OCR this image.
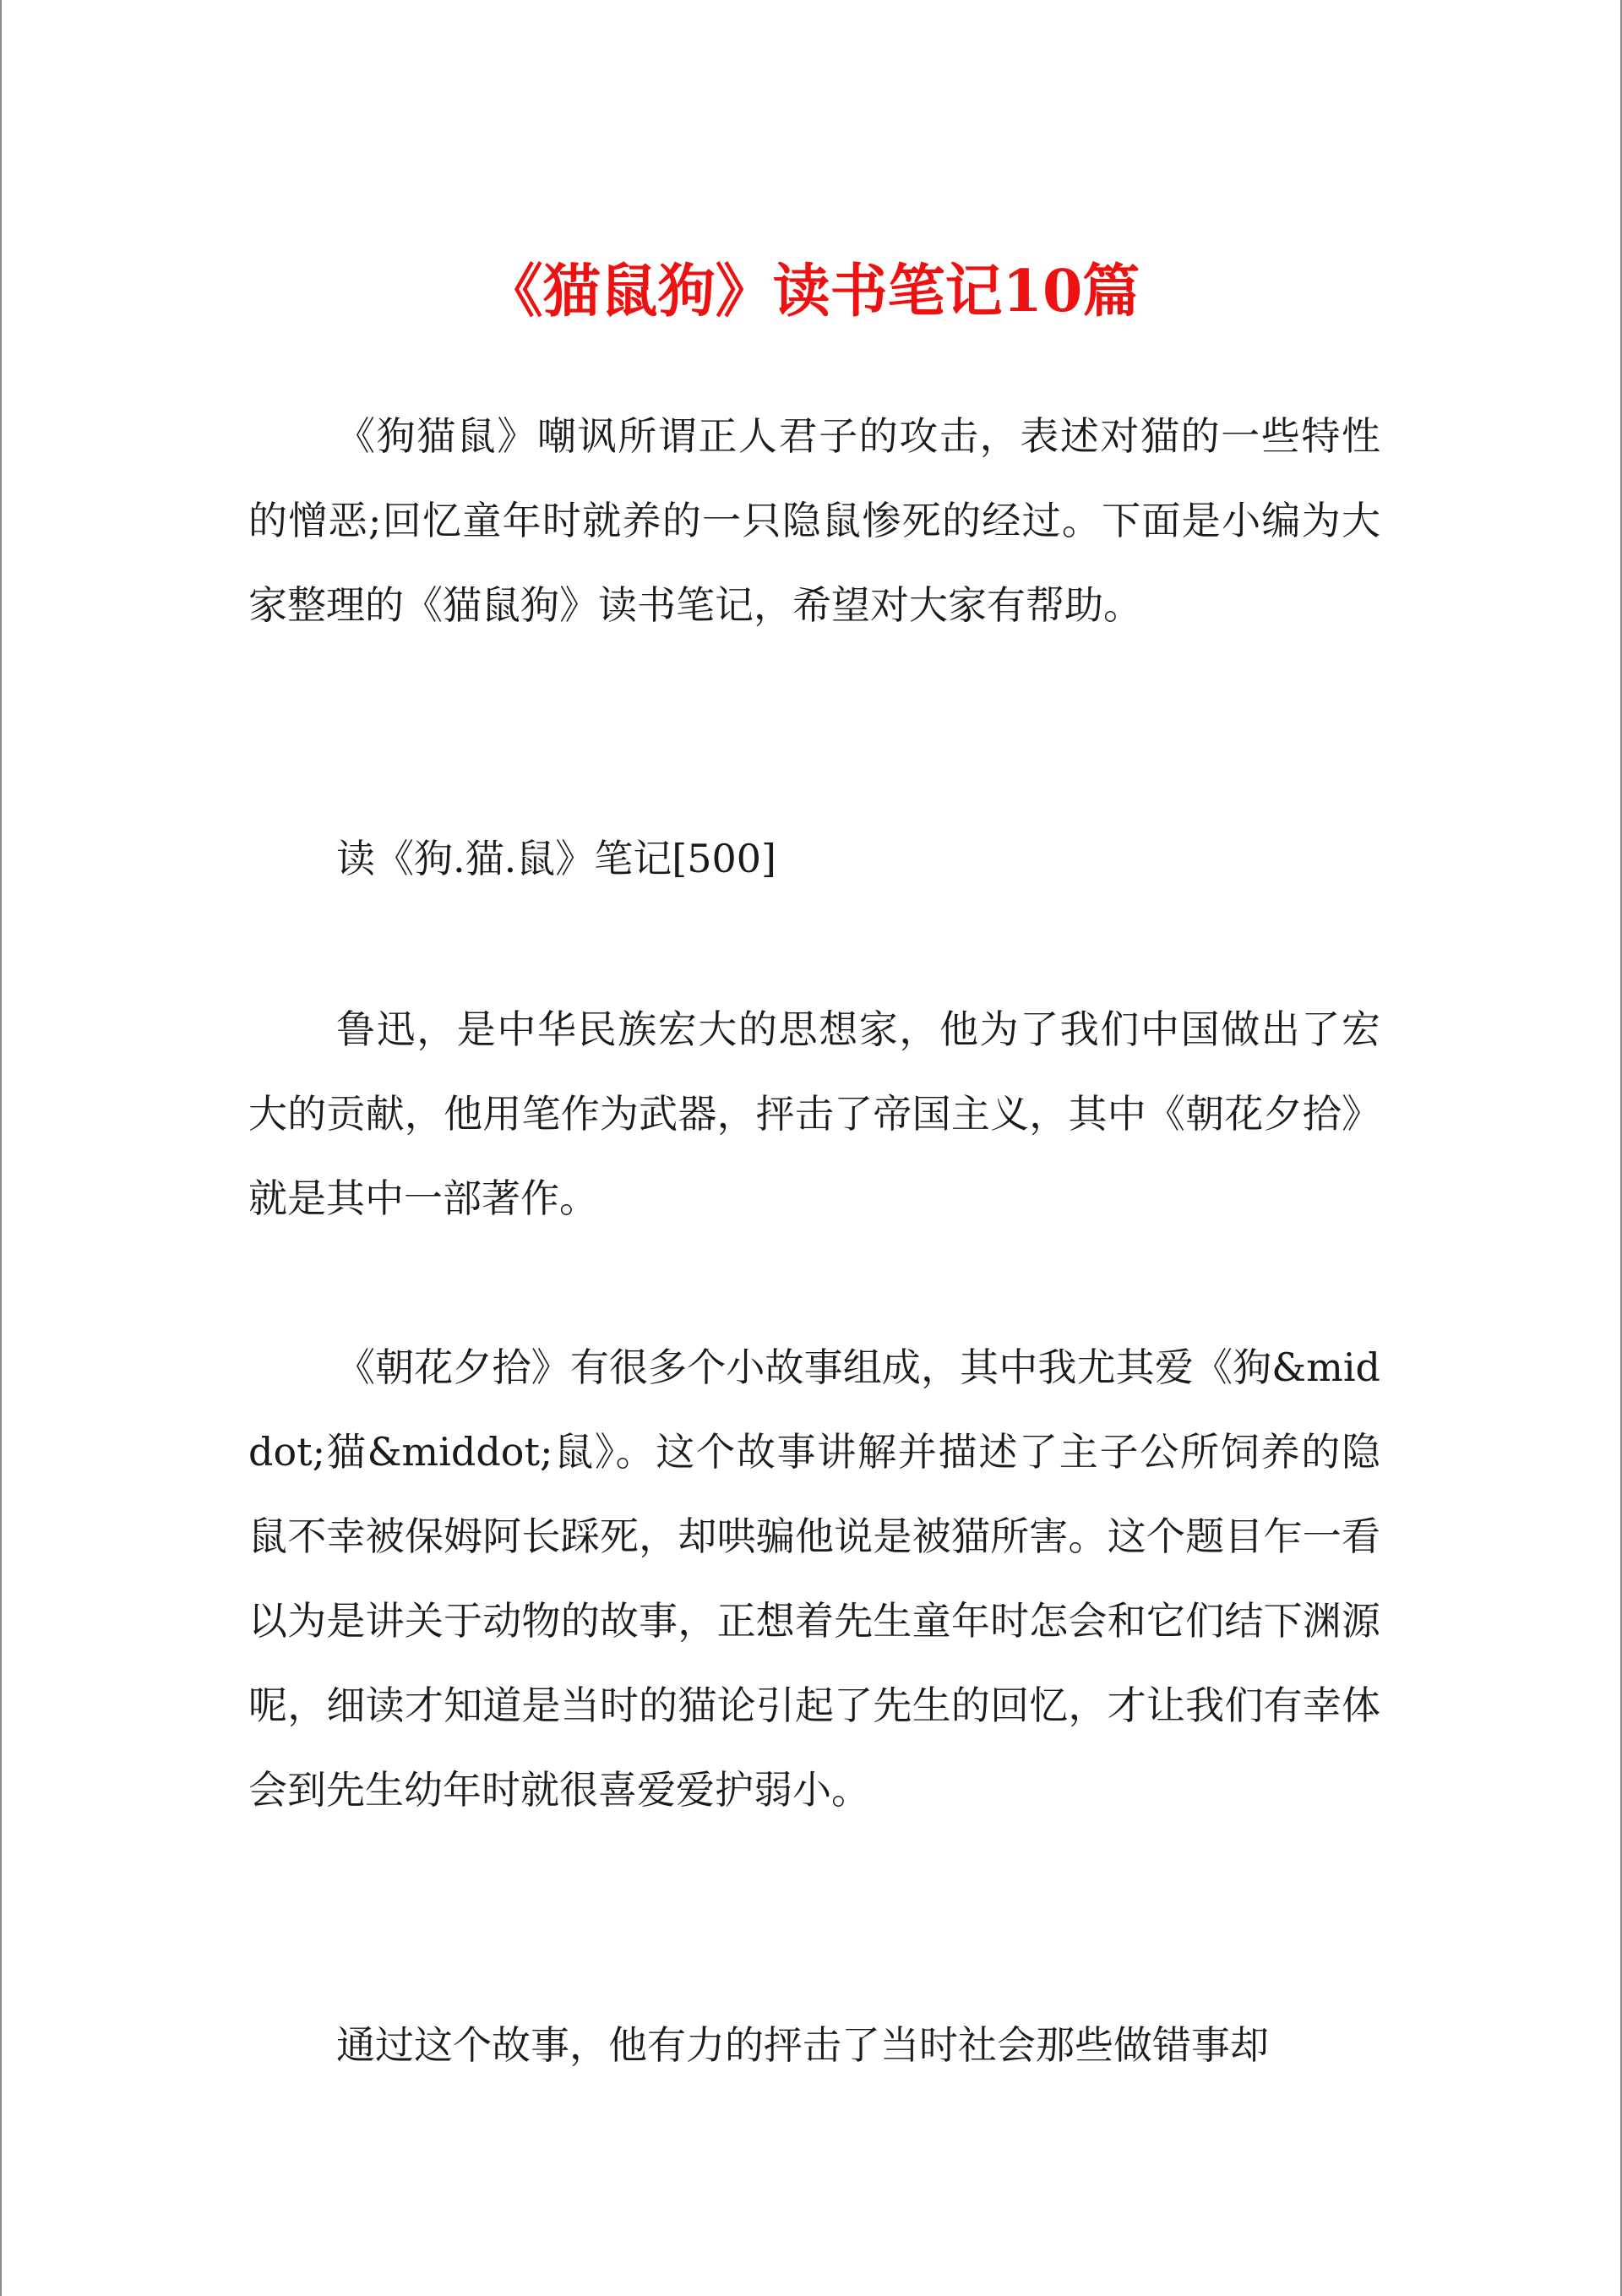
《猫鼠狗》读书笔记10篇

《狗猫鼠》嘲讽所谓正人君子的攻击，表述对猫的一些特性的憎恶;回忆童年时就养的一只隐鼠惨死的经过。下面是小编为大家整理的《猫鼠狗》读书笔记，希望对大家有帮助。

读《狗.猫.鼠》笔记[500]

鲁迅，是中华民族宏大的思想家，他为了我们中国做出了宏大的贡献，他用笔作为武器，抨击了帝国主义，其中《朝花夕拾》就是其中一部著作。

《朝花夕拾》有很多个小故事组成，其中我尤其爱《狗&middot;猫&middot;鼠》。这个故事讲解并描述了主子公所饲养的隐鼠不幸被保姆阿长踩死，却哄骗他说是被猫所害。这个题目乍一看以为是讲关于动物的故事，正想着先生童年时怎会和它们结下渊源呢，细读才知道是当时的猫论引起了先生的回忆，才让我们有幸体会到先生幼年时就很喜爱爱护弱小。

通过这个故事，他有力的抨击了当时社会那些做错事却
